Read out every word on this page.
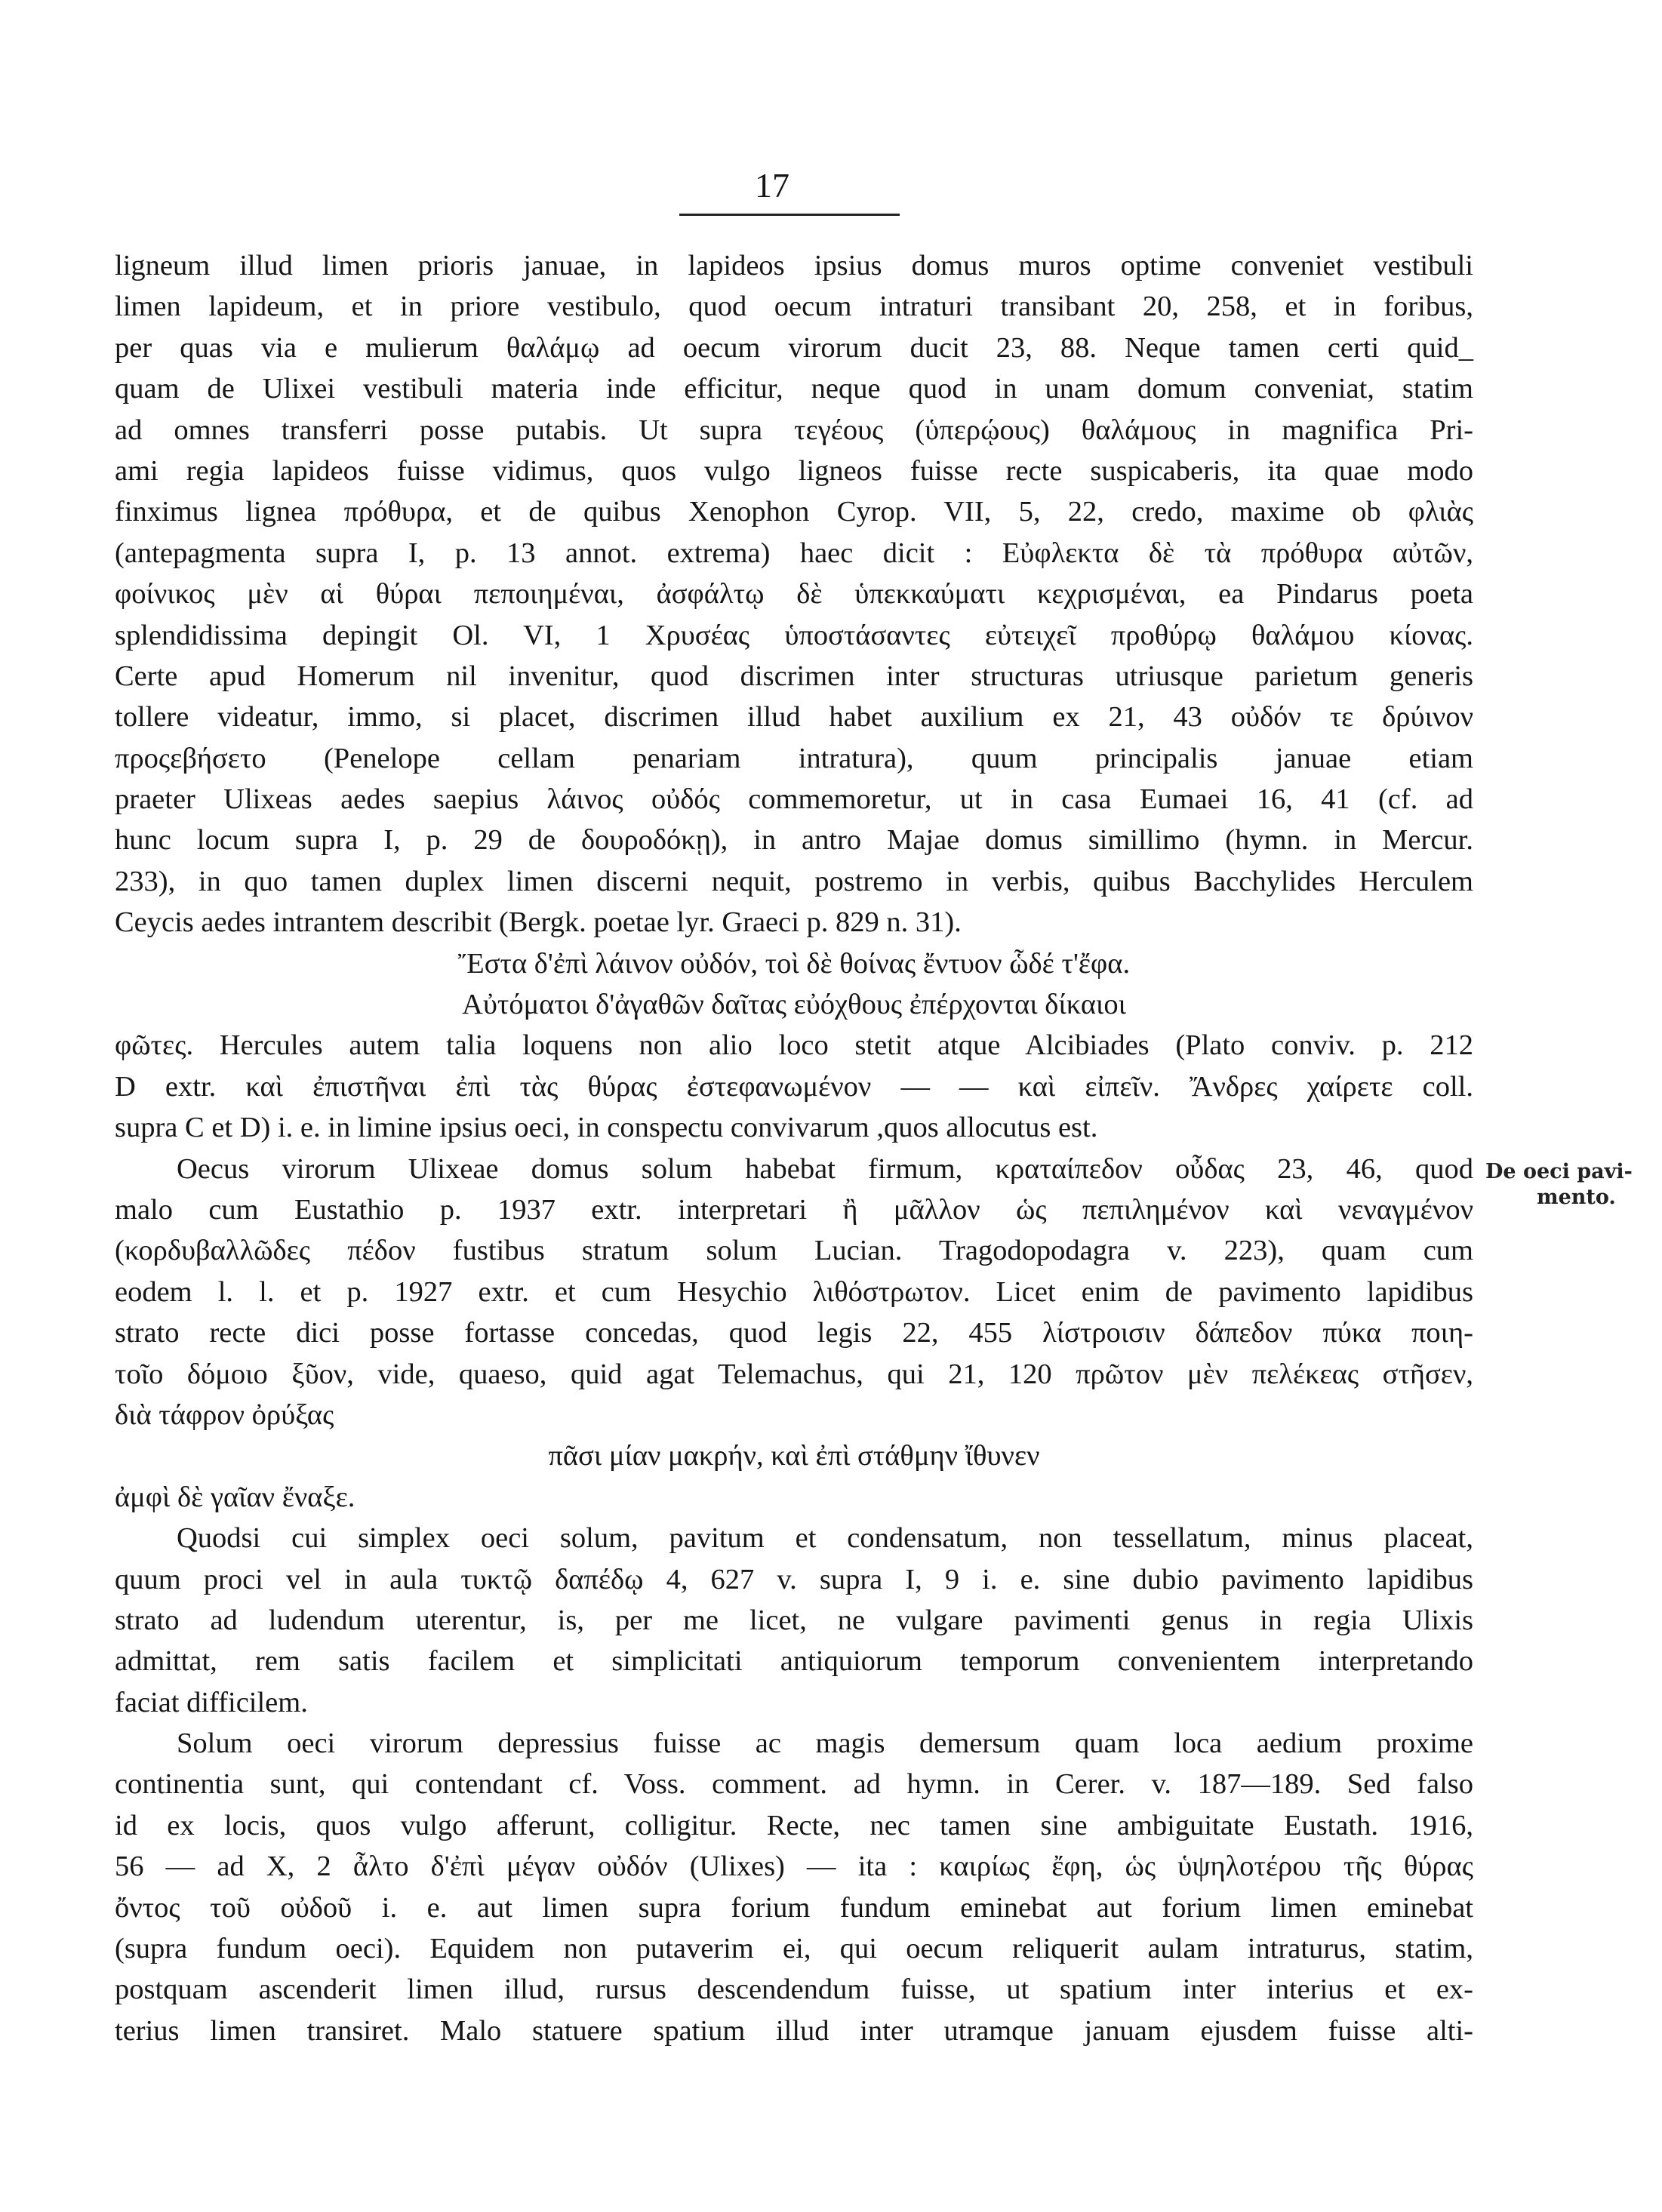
17
ligneum illud limen prioris januae, in lapideos ipsius domus muros optime conveniet vestibuli
limen lapideum, et in priore vestibulo, quod oecum intraturi transibant 20, 258, et in foribus,
per quas via e mulierum θαλάμῳ ad oecum virorum ducit 23, 88. Neque tamen certi quid_
quam de Ulixei vestibuli materia inde efficitur, neque quod in unam domum conveniat, statim
ad omnes transferri posse putabis. Ut supra τεγέους (ὑπερῴους) θαλάμους in magnifica Pri-
ami regia lapideos fuisse vidimus, quos vulgo ligneos fuisse recte suspicaberis, ita quae modo
finximus lignea πρόθυρα, et de quibus Xenophon Cyrop. VII, 5, 22, credo, maxime ob φλιὰς
(antepagmenta supra I, p. 13 annot. extrema) haec dicit : Εὐφλεκτα δὲ τὰ πρόθυρα αὐτῶν,
φοίνικος μὲν αἱ θύραι πεποιημέναι, ἀσφάλτῳ δὲ ὑπεκκαύματι κεχρισμέναι, ea Pindarus poeta
splendidissima depingit Ol. VI, 1 Χρυσέας ὑποστάσαντες εὐτειχεῖ προθύρῳ θαλάμου κίονας.
Certe apud Homerum nil invenitur, quod discrimen inter structuras utriusque parietum generis
tollere videatur, immo, si placet, discrimen illud habet auxilium ex 21, 43 οὐδόν τε δρύινον
προςεβήσετο (Penelope cellam penariam intratura), quum principalis januae etiam
praeter Ulixeas aedes saepius λάινος οὐδός commemoretur, ut in casa Eumaei 16, 41 (cf. ad
hunc locum supra I, p. 29 de δουροδόκῃ), in antro Majae domus simillimo (hymn. in Mercur.
233), in quo tamen duplex limen discerni nequit, postremo in verbis, quibus Bacchylides Herculem
Ceycis aedes intrantem describit (Bergk. poetae lyr. Graeci p. 829 n. 31).
Ἔστα δ'ἐπὶ λάινον οὐδόν, τοὶ δὲ θοίνας ἔντυον ὧδέ τ'ἔφα.
Αὐτόματοι δ'ἀγαθῶν δαῖτας εὐόχθους ἐπέρχονται δίκαιοι
φῶτες. Hercules autem talia loquens non alio loco stetit atque Alcibiades (Plato conviv. p. 212
D extr. καὶ ἐπιστῆναι ἐπὶ τὰς θύρας ἐστεφανωμένον — — καὶ εἰπεῖν. Ἄνδρες χαίρετε coll.
supra C et D) i. e. in limine ipsius oeci, in conspectu convivarum ,quos allocutus est.
Oecus virorum Ulixeae domus solum habebat firmum, κραταίπεδον οὖδας 23, 46, quod
malo cum Eustathio p. 1937 extr. interpretari ἢ μᾶλλον ὡς πεπιλημένον καὶ νεναγμένον
(κορδυβαλλῶδες πέδον fustibus stratum solum Lucian. Tragodopodagra v. 223), quam cum
eodem l. l. et p. 1927 extr. et cum Hesychio λιθόστρωτον. Licet enim de pavimento lapidibus
strato recte dici posse fortasse concedas, quod legis 22, 455 λίστροισιν δάπεδον πύκα ποιη-
τοῖο δόμοιο ξῦον, vide, quaeso, quid agat Telemachus, qui 21, 120 πρῶτον μὲν πελέκεας στῆσεν,
διὰ τάφρον ὀρύξας
πᾶσι μίαν μακρήν, καὶ ἐπὶ στάθμην ἴθυνεν
ἀμφὶ δὲ γαῖαν ἔναξε.
Quodsi cui simplex oeci solum, pavitum et condensatum, non tessellatum, minus placeat,
quum proci vel in aula τυκτῷ δαπέδῳ 4, 627 v. supra I, 9 i. e. sine dubio pavimento lapidibus
strato ad ludendum uterentur, is, per me licet, ne vulgare pavimenti genus in regia Ulixis
admittat, rem satis facilem et simplicitati antiquiorum temporum convenientem interpretando
faciat difficilem.
Solum oeci virorum depressius fuisse ac magis demersum quam loca aedium proxime
continentia sunt, qui contendant cf. Voss. comment. ad hymn. in Cerer. v. 187—189. Sed falso
id ex locis, quos vulgo afferunt, colligitur. Recte, nec tamen sine ambiguitate Eustath. 1916,
56 — ad X, 2 ἆλτο δ'ἐπὶ μέγαν οὐδόν (Ulixes) — ita : καιρίως ἔφη, ὡς ὑψηλοτέρου τῆς θύρας
ὄντος τοῦ οὐδοῦ i. e. aut limen supra forium fundum eminebat aut forium limen eminebat
(supra fundum oeci). Equidem non putaverim ei, qui oecum reliquerit aulam intraturus, statim,
postquam ascenderit limen illud, rursus descendendum fuisse, ut spatium inter interius et ex-
terius limen transiret. Malo statuere spatium illud inter utramque januam ejusdem fuisse alti-
De oeci pavi-
mento.
